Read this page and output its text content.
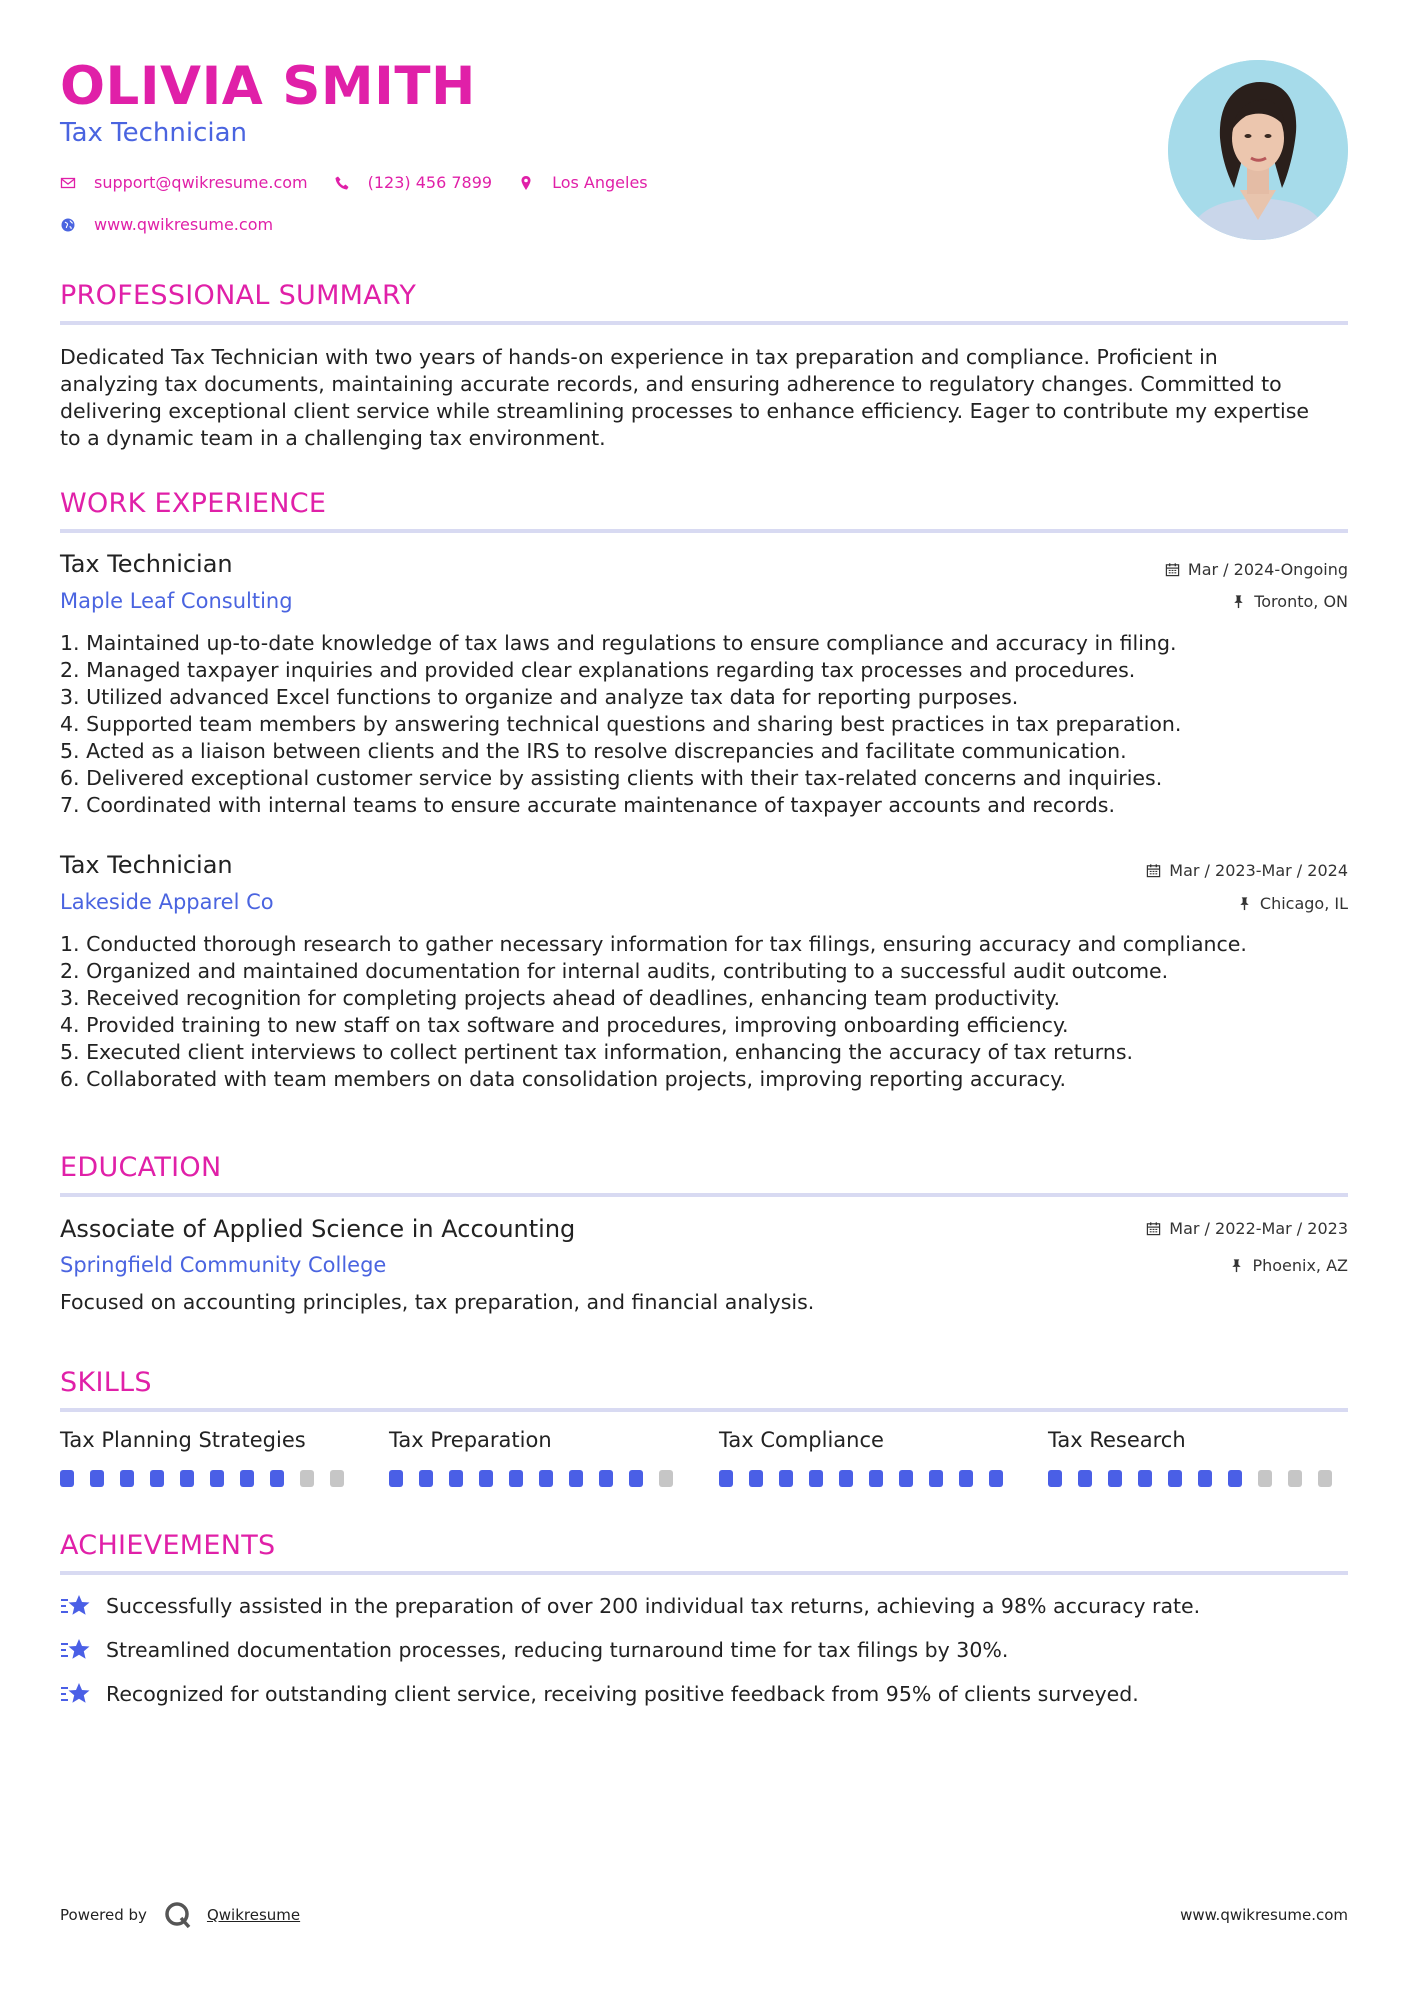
OLIVIA SMITH
Tax Technician
support@qwikresume.com	(123) 456 7899	Los Angeles
www.qwikresume.com
PROFESSIONAL SUMMARY
Dedicated Tax Technician with two years of hands-on experience in tax preparation and compliance. Proficient in
analyzing tax documents, maintaining accurate records, and ensuring adherence to regulatory changes. Committed to
delivering exceptional client service while streamlining processes to enhance efficiency. Eager to contribute my expertise
to a dynamic team in a challenging tax environment.
WORK EXPERIENCE
Tax Technician
Maple Leaf Consulting
Mar / 2024-Ongoing
Toronto, ON
1. Maintained up-to-date knowledge of tax laws and regulations to ensure compliance and accuracy in filing.
2. Managed taxpayer inquiries and provided clear explanations regarding tax processes and procedures.
3. Utilized advanced Excel functions to organize and analyze tax data for reporting purposes.
4. Supported team members by answering technical questions and sharing best practices in tax preparation.
5. Acted as a liaison between clients and the IRS to resolve discrepancies and facilitate communication.
6. Delivered exceptional customer service by assisting clients with their tax-related concerns and inquiries.
7. Coordinated with internal teams to ensure accurate maintenance of taxpayer accounts and records.
Tax Technician
Lakeside Apparel Co
Mar / 2023-Mar / 2024
Chicago, IL
1. Conducted thorough research to gather necessary information for tax filings, ensuring accuracy and compliance.
2. Organized and maintained documentation for internal audits, contributing to a successful audit outcome.
3. Received recognition for completing projects ahead of deadlines, enhancing team productivity.
4. Provided training to new staff on tax software and procedures, improving onboarding efficiency.
5. Executed client interviews to collect pertinent tax information, enhancing the accuracy of tax returns.
6. Collaborated with team members on data consolidation projects, improving reporting accuracy.
EDUCATION
Associate of Applied Science in Accounting
Springfield Community College
Mar / 2022-Mar / 2023
Phoenix, AZ
Focused on accounting principles, tax preparation, and financial analysis.
SKILLS
Tax Planning Strategies	Tax Preparation	Tax Compliance	Tax Research
ACHIEVEMENTS
Successfully assisted in the preparation of over 200 individual tax returns, achieving a 98% accuracy rate.
Streamlined documentation processes, reducing turnaround time for tax filings by 30%.
Recognized for outstanding client service, receiving positive feedback from 95% of clients surveyed.
Powered by	Qwikresume	www.qwikresume.com
